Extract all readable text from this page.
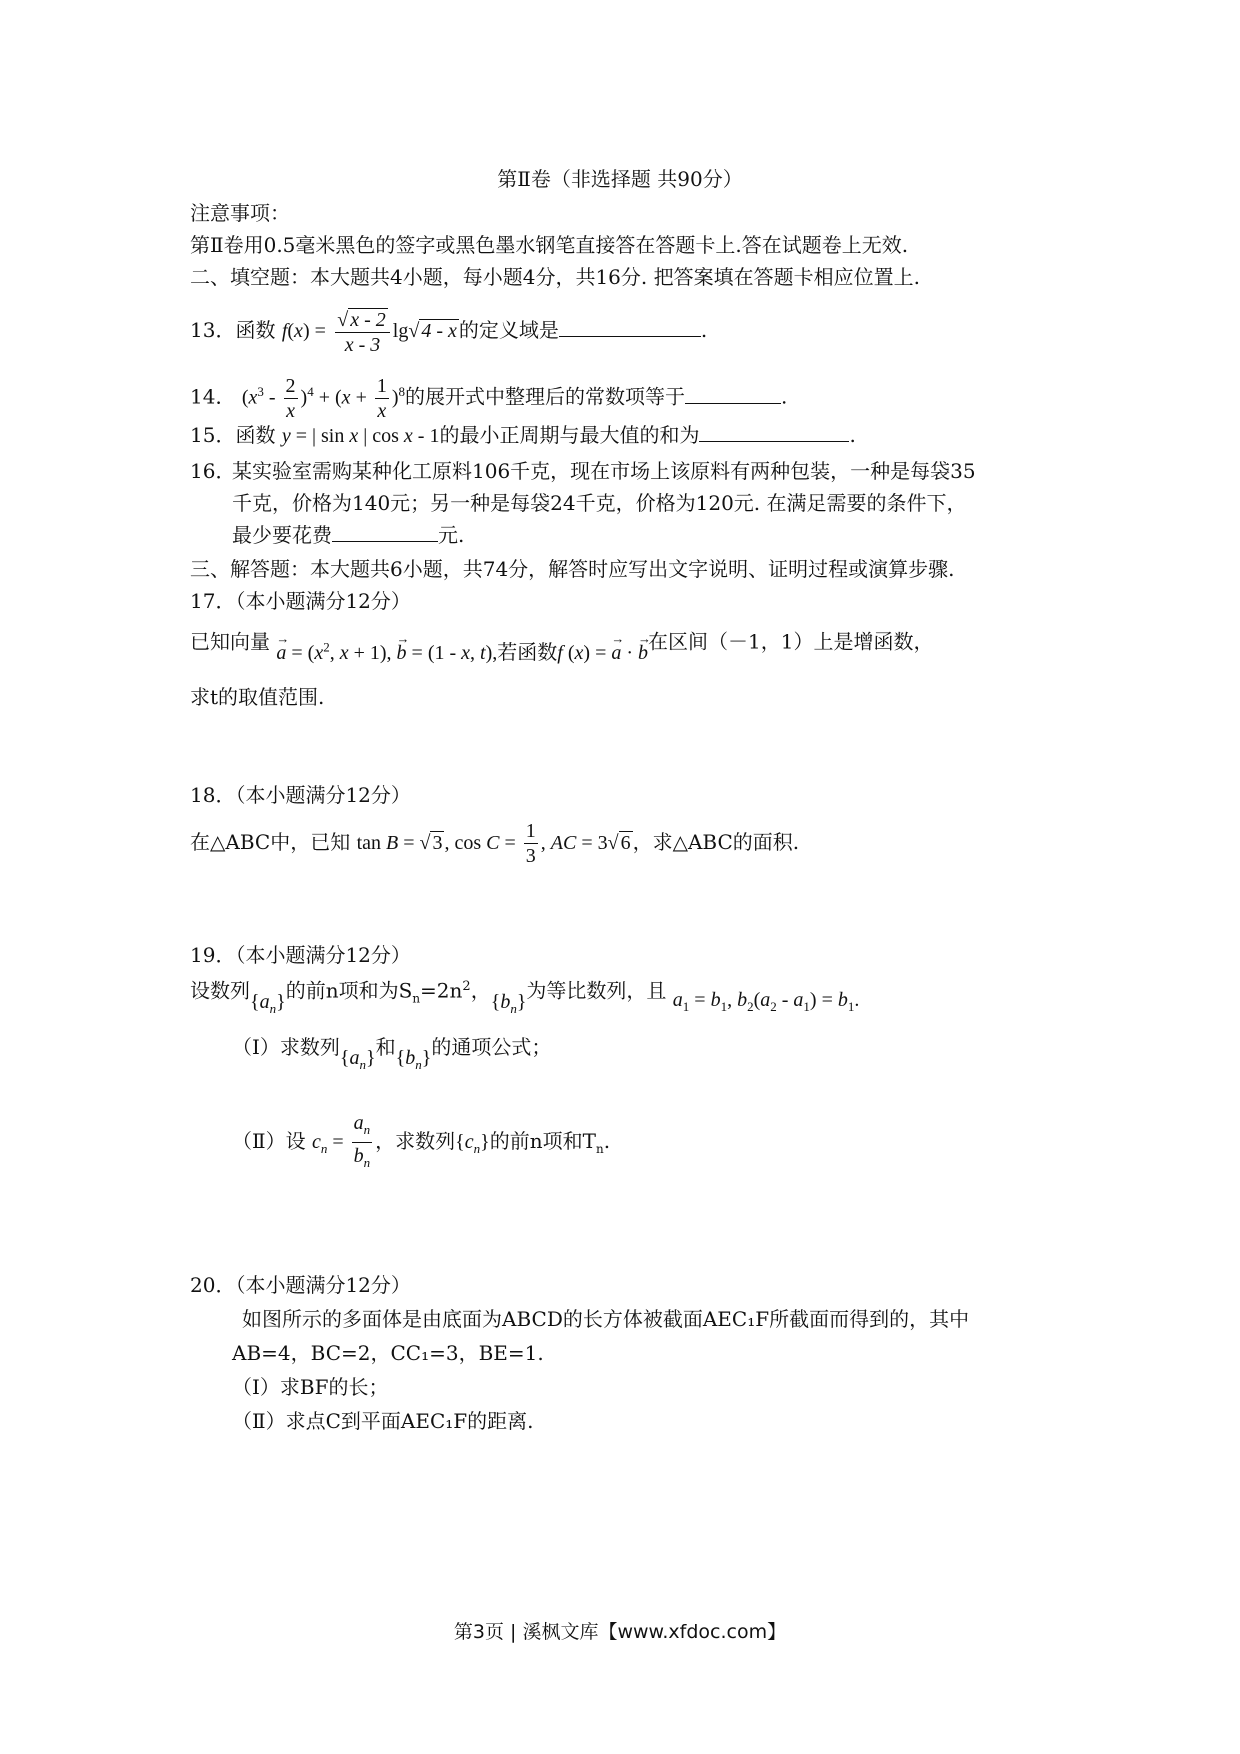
第Ⅱ卷（非选择题 共90分）
注意事项：
第Ⅱ卷用0.5毫米黑色的签字或黑色墨水钢笔直接答在答题卡上.答在试题卷上无效.
二、填空题：本大题共4小题，每小题4分，共16分. 把答案填在答题卡相应位置上.
13．函数 $f(x) = \frac{√ x - 2}{x - 3} \lg√$ 4 - x 的定义域是	.
14． $(x^3 - \frac{2}{x} )^4 + (x + \frac{1}{x} )^8$的展开式中整理后的常数项等于	.
15．函数 y = | sin x | cos x - 1的最小正周期与最大值的和为	.
16．
某实验室需购某种化工原料106千克，现在市场上该原料有两种包装，一种是每袋35
千克，价格为140元；另一种是每袋24千克，价格为120元. 在满足需要的条件下，
最少要花费	元.
三、解答题：本大题共6小题，共74分，解答时应写出文字说明、证明过程或演算步骤.
17．（本小题满分12分）
已知向量 → $a = (x^2$, x + 1), → b = (1 - x, t),若函数f (x) = → a · → b在区间（－1，1）上是增函数，
求t的取值范围.
18．（本小题满分12分）
在△ABC中，已知 tan B = √ 3 , $\cos C = \frac{1}{3}$ , AC = 3√ 6 ，求△ABC的面积.
19．（本小题满分12分）
设数列$\{a_n\}$的前n项和为$S_n=2n^2$，$\{b_n\}$为等比数列，且 $a_1 = b_1$, $b_2(a_2 - a_1) = b_1$.
（Ⅰ）求数列$\{a_n\}$和$\{b_n\}$的通项公式；
（Ⅱ）设 $c_n = \frac{a_n}{b_n}$ ，求数列$\{c_n\}$的前n项和$T_n$.
20．（本小题满分12分）
如图所示的多面体是由底面为ABCD的长方体被截面AEC₁F所截面而得到的，其中
AB=4，BC=2，CC₁=3，BE=1.
（Ⅰ）求BF的长；
（Ⅱ）求点C到平面AEC₁F的距离.
第3页 | 溪枫文库【www.xfdoc.com】
